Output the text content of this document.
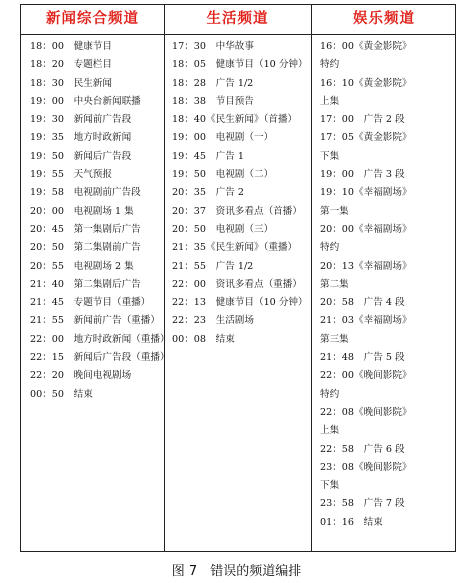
新闻综合频道	生活频道	娱乐频道
18：00　健康节目
18：20　专题栏目
18：30　民生新闻
19：00　中央台新闻联播
19：30　新闻前广告段
19：35　地方时政新闻
19：50　新闻后广告段
19：55　天气预报
19：58　电视剧前广告段
20：00　电视剧场 1 集
20：45　第一集剧后广告
20：50　第二集剧前广告
20：55　电视剧场 2 集
21：40　第二集剧后广告
21：45　专题节目（重播）
21：55　新闻前广告（重播）
22：00　地方时政新闻（重播）
22：15　新闻后广告段（重播）
22：20　晚间电视剧场
00：50　结束
17：30　中华故事
18：05　健康节目（10 分钟）
18：28　广告 1/2
18：38　节目预告
18：40《民生新闻》（首播）
19：00　电视剧（一）
19：45　广告 1
19：50　电视剧（二）
20：35　广告 2
20：37　资讯多看点（首播）
20：50　电视剧（三）
21：35《民生新闻》（重播）
21：55　广告 1/2
22：00　资讯多看点（重播）
22：13　健康节目（10 分钟）
22：23　生活剧场
00：08　结束
16：00《黄金影院》
特约
16：10《黄金影院》
上集
17：00　广告 2 段
17：05《黄金影院》
下集
19：00　广告 3 段
19：10《幸福剧场》
第一集
20：00《幸福剧场》
特约
20：13《幸福剧场》
第二集
20：58　广告 4 段
21：03《幸福剧场》
第三集
21：48　广告 5 段
22：00《晚间影院》
特约
22：08《晚间影院》
上集
22：58　广告 6 段
23：08《晚间影院》
下集
23：58　广告 7 段
01：16　结束
图 7　错误的频道编排
